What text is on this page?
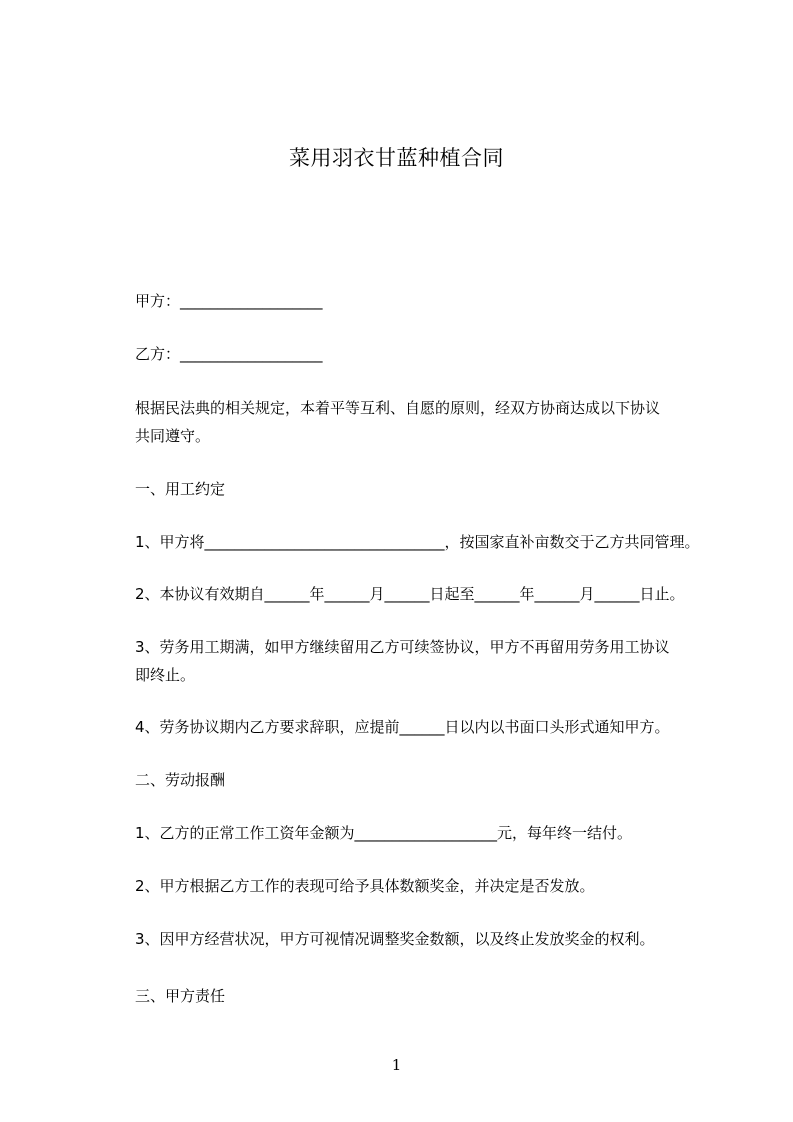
菜用羽衣甘蓝种植合同
甲方：___________________
乙方：___________________
根据民法典的相关规定，本着平等互利、自愿的原则，经双方协商达成以下协议
共同遵守。
一、用工约定
1、甲方将________________________________，按国家直补亩数交于乙方共同管理。
2、本协议有效期自______年______月______日起至______年______月______日止。
3、劳务用工期满，如甲方继续留用乙方可续签协议，甲方不再留用劳务用工协议
即终止。
4、劳务协议期内乙方要求辞职，应提前______日以内以书面口头形式通知甲方。
二、劳动报酬
1、乙方的正常工作工资年金额为___________________元，每年终一结付。
2、甲方根据乙方工作的表现可给予具体数额奖金，并决定是否发放。
3、因甲方经营状况，甲方可视情况调整奖金数额，以及终止发放奖金的权利。
三、甲方责任
1
